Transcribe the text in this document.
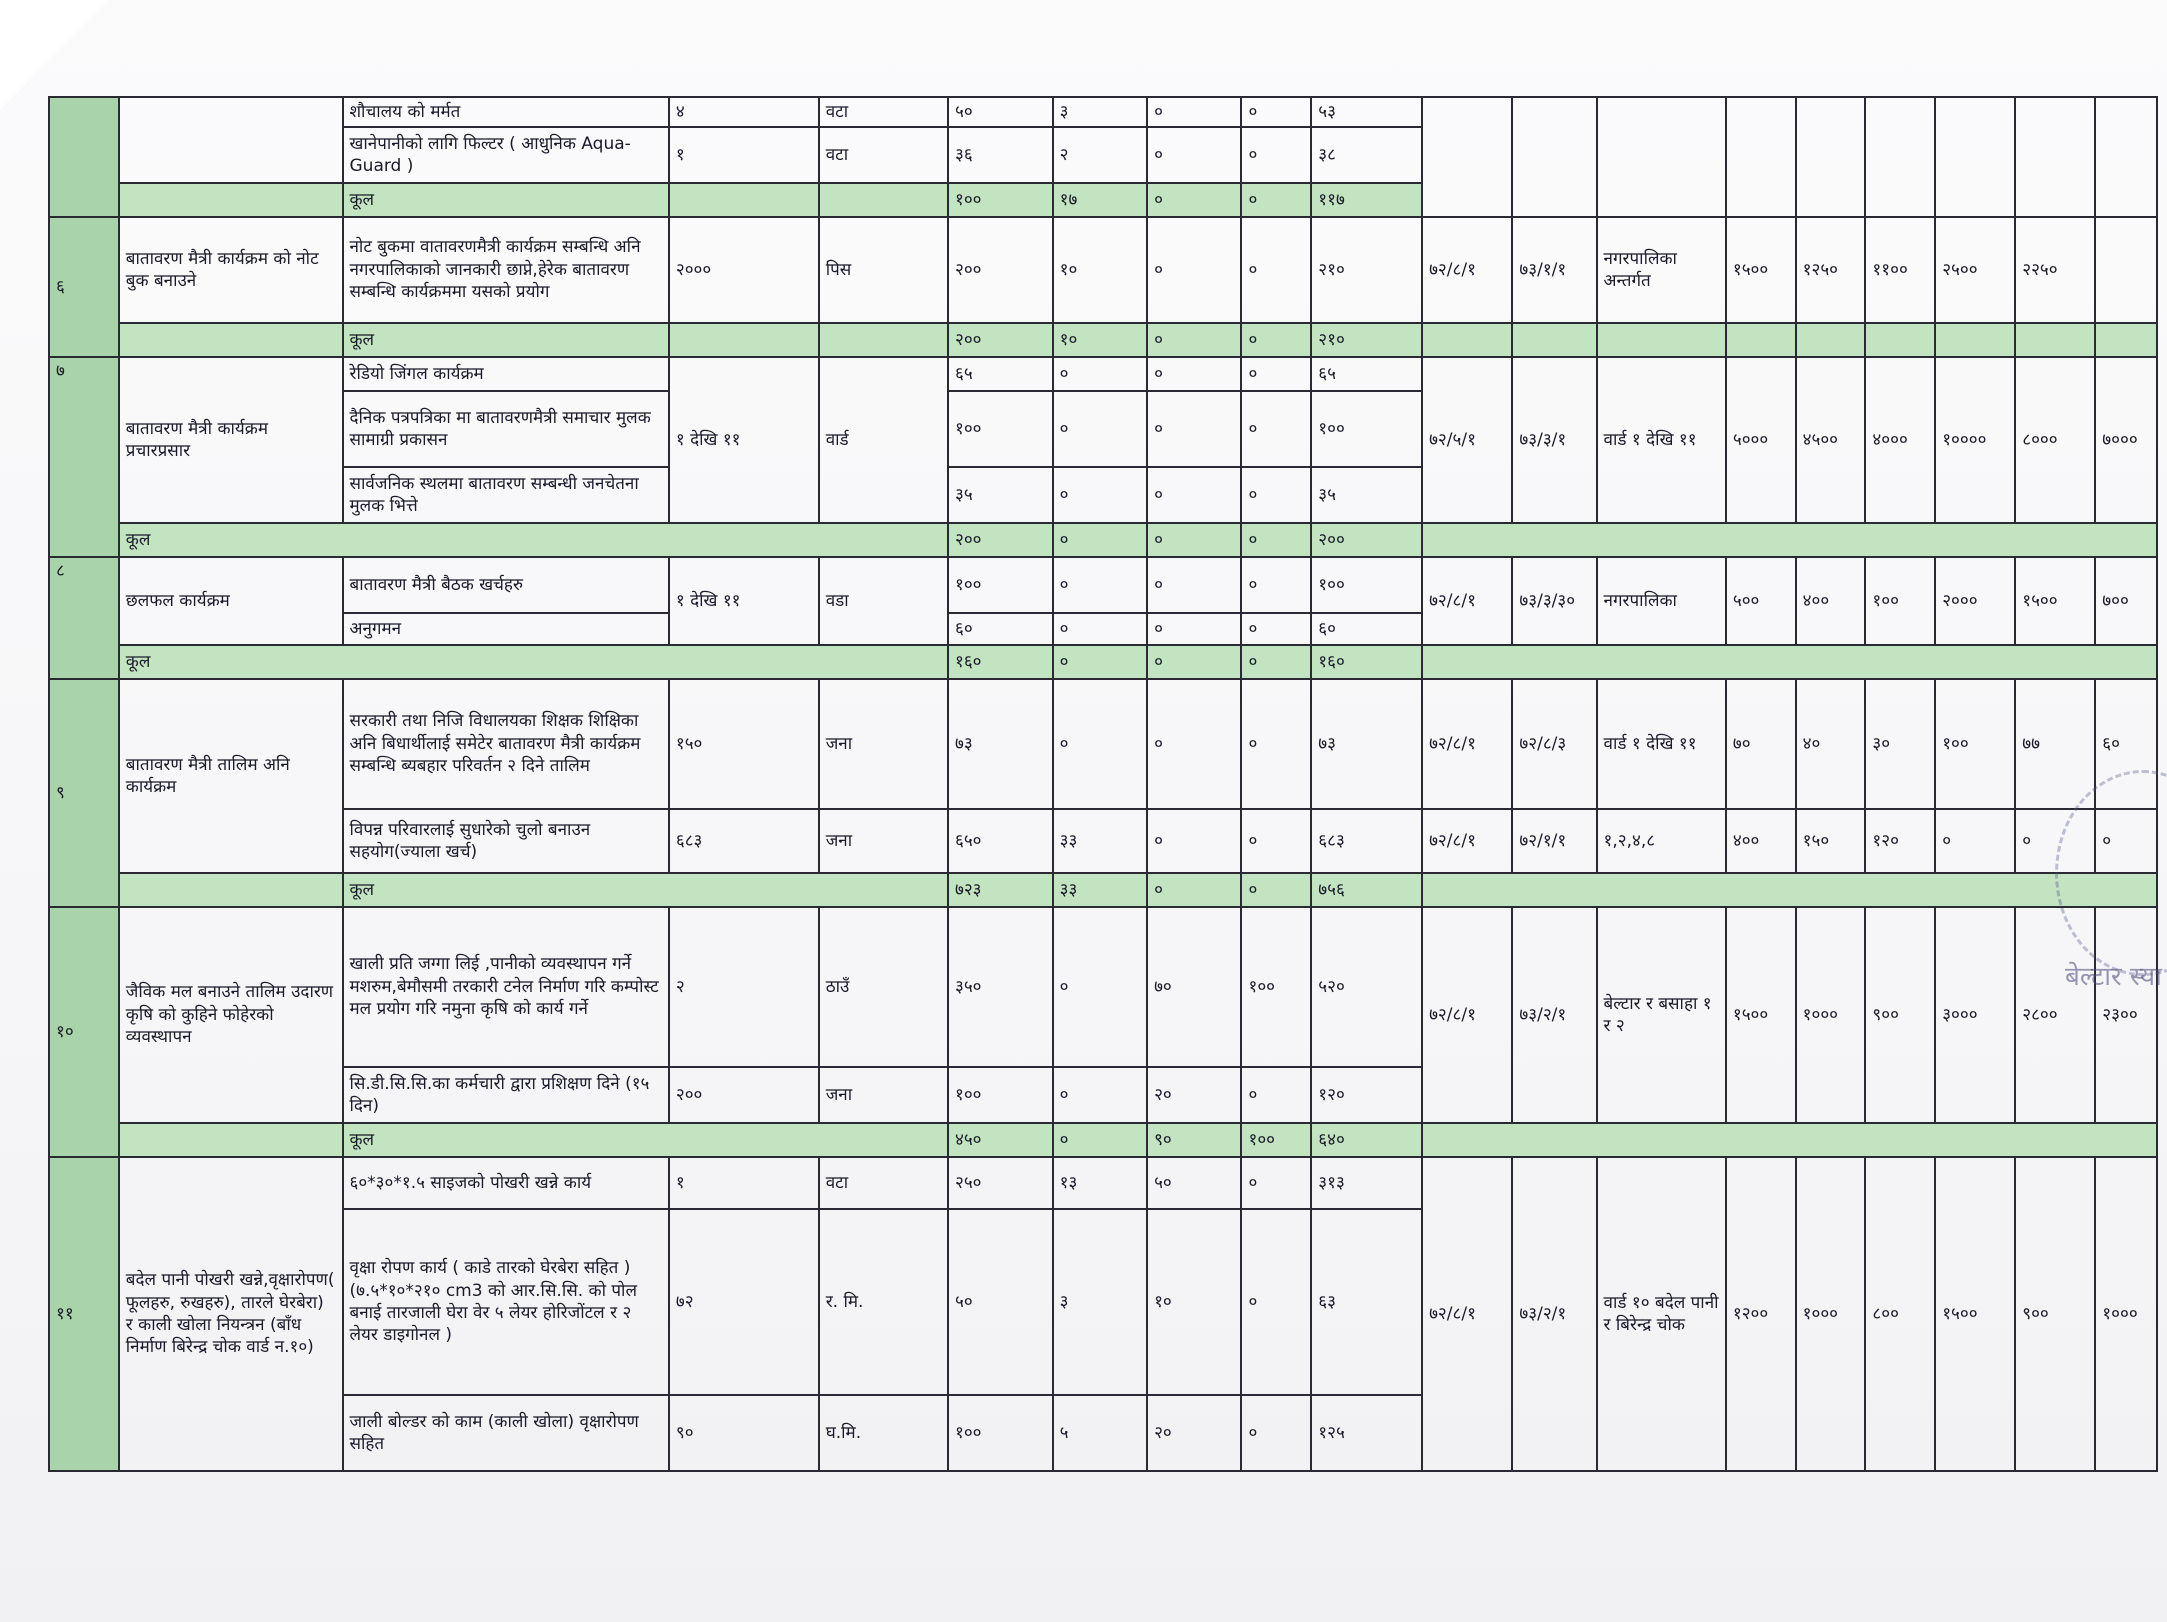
		शौचालय को मर्मत	४	वटा	५०	३	०	०	५३									
		खानेपानीको लागि फिल्टर ( आधुनिक Aqua-Guard )	१	वटा	३६	२	०	०	३८									
		कूल			१००	१७	०	०	११७									
६	बातावरण मैत्री कार्यक्रम को नोट बुक बनाउने	नोट बुकमा वातावरणमैत्री कार्यक्रम सम्बन्धि अनि नगरपालिकाको जानकारी छाप्ने,हेरेक बातावरण सम्बन्धि कार्यक्रममा यसको प्रयोग	२०००	पिस	२००	१०	०	०	२१०	७२/८/१	७३/१/१	नगरपालिका अन्तर्गत	१५००	१२५०	११००	२५००	२२५०	
		कूल			२००	१०	०	०	२१०									
७	बातावरण मैत्री कार्यक्रम प्रचारप्रसार	रेडियो जिंगल कार्यक्रम	१ देखि ११	वार्ड	६५	०	०	०	६५	७२/५/१	७३/३/१	वार्ड १ देखि ११	५०००	४५००	४०००	१००००	८०००	७०००
		दैनिक पत्रपत्रिका मा बातावरणमैत्री समाचार मुलक सामाग्री प्रकासन			१००	०	०	०	१००									
		सार्वजनिक स्थलमा बातावरण सम्बन्धी जनचेतना मुलक भित्ते			३५	०	०	०	३५									
	कूल				२००	०	०	०	२००									
८	छलफल कार्यक्रम	बातावरण मैत्री बैठक खर्चहरु	१ देखि ११	वडा	१००	०	०	०	१००	७२/८/१	७३/३/३०	नगरपालिका	५००	४००	१००	२०००	१५००	७००
		अनुगमन			६०	०	०	०	६०									
	कूल				१६०	०	०	०	१६०									
९	बातावरण मैत्री तालिम अनि कार्यक्रम	सरकारी तथा निजि विधालयका शिक्षक शिक्षिका अनि बिधार्थीलाई समेटेर बातावरण मैत्री कार्यक्रम सम्बन्धि ब्यबहार परिवर्तन २ दिने तालिम	१५०	जना	७३	०	०	०	७३	७२/८/१	७२/८/३	वार्ड १ देखि ११	७०	४०	३०	१००	७७	६०
		विपन्न परिवारलाई सुधारेको चुलो बनाउन सहयोग(ज्याला खर्च)	६८३	जना	६५०	३३	०	०	६८३	७२/८/१	७२/१/१	१,२,४,८	४००	१५०	१२०	०	०	०
		कूल			७२३	३३	०	०	७५६									
१०	जैविक मल बनाउने तालिम उदारण कृषि को कुहिने फोहेरको व्यवस्थापन	खाली प्रति जग्गा लिई ,पानीको व्यवस्थापन गर्ने मशरुम,बेमौसमी तरकारी टनेल निर्माण गरि कम्पोस्ट मल प्रयोग गरि नमुना कृषि को कार्य गर्ने	२	ठाउँ	३५०	०	७०	१००	५२०	७२/८/१	७३/२/१	बेल्टार र बसाहा १ र २	१५००	१०००	९००	३०००	२८००	२३००
		सि.डी.सि.सि.का कर्मचारी द्वारा प्रशिक्षण दिने (१५ दिन)	२००	जना	१००	०	२०	०	१२०									
		कूल			४५०	०	९०	१००	६४०									
११	बदेल पानी पोखरी खन्ने,वृक्षारोपण( फूलहरु, रुखहरु), तारले घेरबेरा) र काली खोला नियन्त्रन (बाँध निर्माण बिरेन्द्र चोक वार्ड न.१०)	६०*३०*१.५ साइजको पोखरी खन्ने कार्य	१	वटा	२५०	१३	५०	०	३१३	७२/८/१	७३/२/१	वार्ड १० बदेल पानी र बिरेन्द्र चोक	१२००	१०००	८००	१५००	९००	१०००
		वृक्षा रोपण कार्य ( काडे तारको घेरबेरा सहित ) (७.५*१०*२१० cm3 को आर.सि.सि. को पोल बनाई तारजाली घेरा वेर ५ लेयर होरिजोंटल र २ लेयर डाइगोनल )	७२	र. मि.	५०	३	१०	०	६३									
		जाली बोल्डर को काम (काली खोला) वृक्षारोपण सहित	९०	घ.मि.	१००	५	२०	०	१२५									
बेल्टार स्या
